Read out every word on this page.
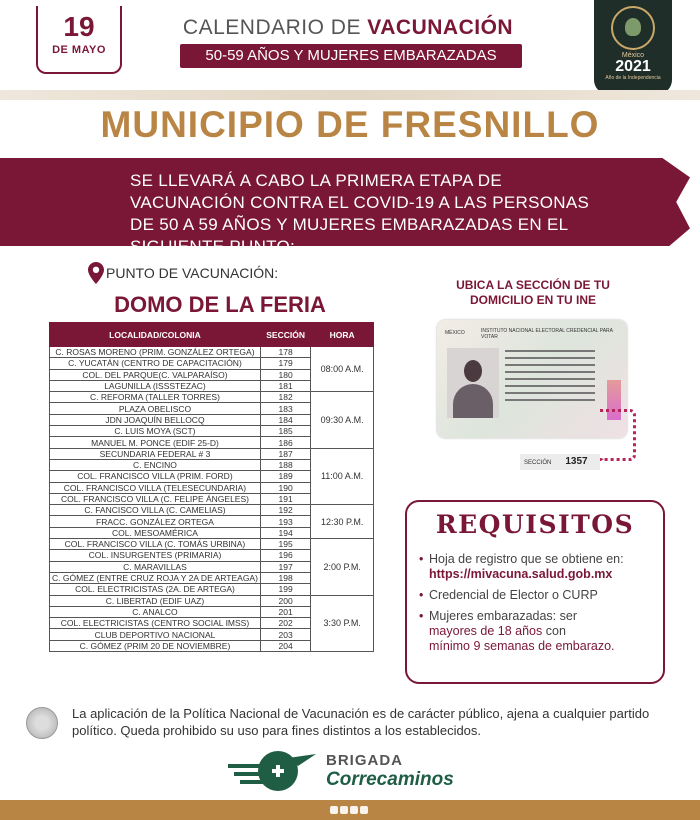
19
DE MAYO
CALENDARIO DE VACUNACIÓN
50-59 AÑOS Y MUJERES EMBARAZADAS	México
2021
Año de la Independencia
MUNICIPIO DE FRESNILLO
SE LLEVARÁ A CABO LA PRIMERA ETAPA DE VACUNACIÓN CONTRA EL COVID-19 A LAS PERSONAS DE 50 A 59 AÑOS Y MUJERES EMBARAZADAS EN EL SIGUIENTE PUNTO:
PUNTO DE VACUNACIÓN:
DOMO DE LA FERIA
LOCALIDAD/COLONIA	SECCIÓN	HORA
C. ROSAS MORENO (PRIM. GONZÁLEZ ORTEGA)	178	08:00 A.M.
C. YUCATÁN (CENTRO DE CAPACITACIÓN)	179	
COL. DEL PARQUE(C. VALPARAÍSO)	180	
LAGUNILLA (ISSSTEZAC)	181	
C. REFORMA (TALLER TORRES)	182	09:30 A.M.
PLAZA OBELISCO	183	
JDN JOAQUÍN BELLOCQ	184	
C. LUIS MOYA (SCT)	185	
MANUEL M. PONCE (EDIF 25-D)	186	
SECUNDARIA FEDERAL # 3	187	11:00 A.M.
C. ENCINO	188	
COL. FRANCISCO VILLA (PRIM. FORD)	189	
COL. FRANCISCO VILLA (TELESECUNDARIA)	190	
COL. FRANCISCO VILLA (C. FELIPE ÁNGELES)	191	
C. FANCISCO VILLA (C. CAMELIAS)	192	12:30 P.M.
FRACC. GONZÁLEZ ORTEGA	193	
COL. MESOAMÉRICA	194	
COL. FRANCISCO VILLA (C. TOMÁS URBINA)	195	2:00 P.M.
COL. INSURGENTES (PRIMARIA)	196	
C. MARAVILLAS	197	
C. GÓMEZ (ENTRE CRUZ ROJA Y 2A DE ARTEAGA)	198	
COL. ELECTRICISTAS (2A. DE ARTEGA)	199	
C. LIBERTAD (EDIF UAZ)	200	3:30 P.M.
C. ANALCO	201	
COL. ELECTRICISTAS (CENTRO SOCIAL IMSS)	202	
CLUB DEPORTIVO NACIONAL	203	
C. GÓMEZ (PRIM 20 DE NOVIEMBRE)	204	
UBICA LA SECCIÓN DE TU DOMICILIO EN TU INE
MÉXICO	INSTITUTO NACIONAL ELECTORAL CREDENCIAL PARA VOTAR
SECCIÓN 1357
REQUISITOS
• Hoja de registro que se obtiene en:
https://mivacuna.salud.gob.mx
• Credencial de Elector o CURP
• Mujeres embarazadas: ser
mayores de 18 años con
mínimo 9 semanas de embarazo.
La aplicación de la Política Nacional de Vacunación es de carácter público, ajena a cualquier partido político. Queda prohibido su uso para fines distintos a los establecidos.
BRIGADA
Correcaminos
